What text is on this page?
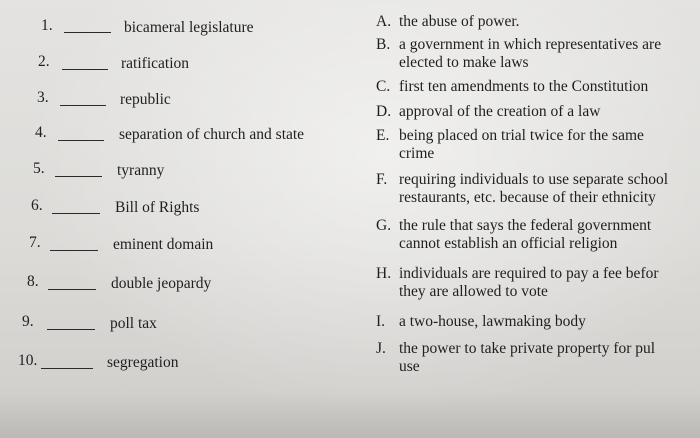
1.	bicameral legislature
2.	ratification
3.	republic
4.	separation of church and state
5.	tyranny
6.	Bill of Rights
7.	eminent domain
8.	double jeopardy
9.	poll tax
10.	segregation
A. the abuse of power.
B. a government in which representatives are
elected to make laws
C. first ten amendments to the Constitution
D. approval of the creation of a law
E. being placed on trial twice for the same
crime
F. requiring individuals to use separate school
restaurants, etc. because of their ethnicity
G. the rule that says the federal government
cannot establish an official religion
H. individuals are required to pay a fee befor
they are allowed to vote
I. a two-house, lawmaking body
J. the power to take private property for pul
use
